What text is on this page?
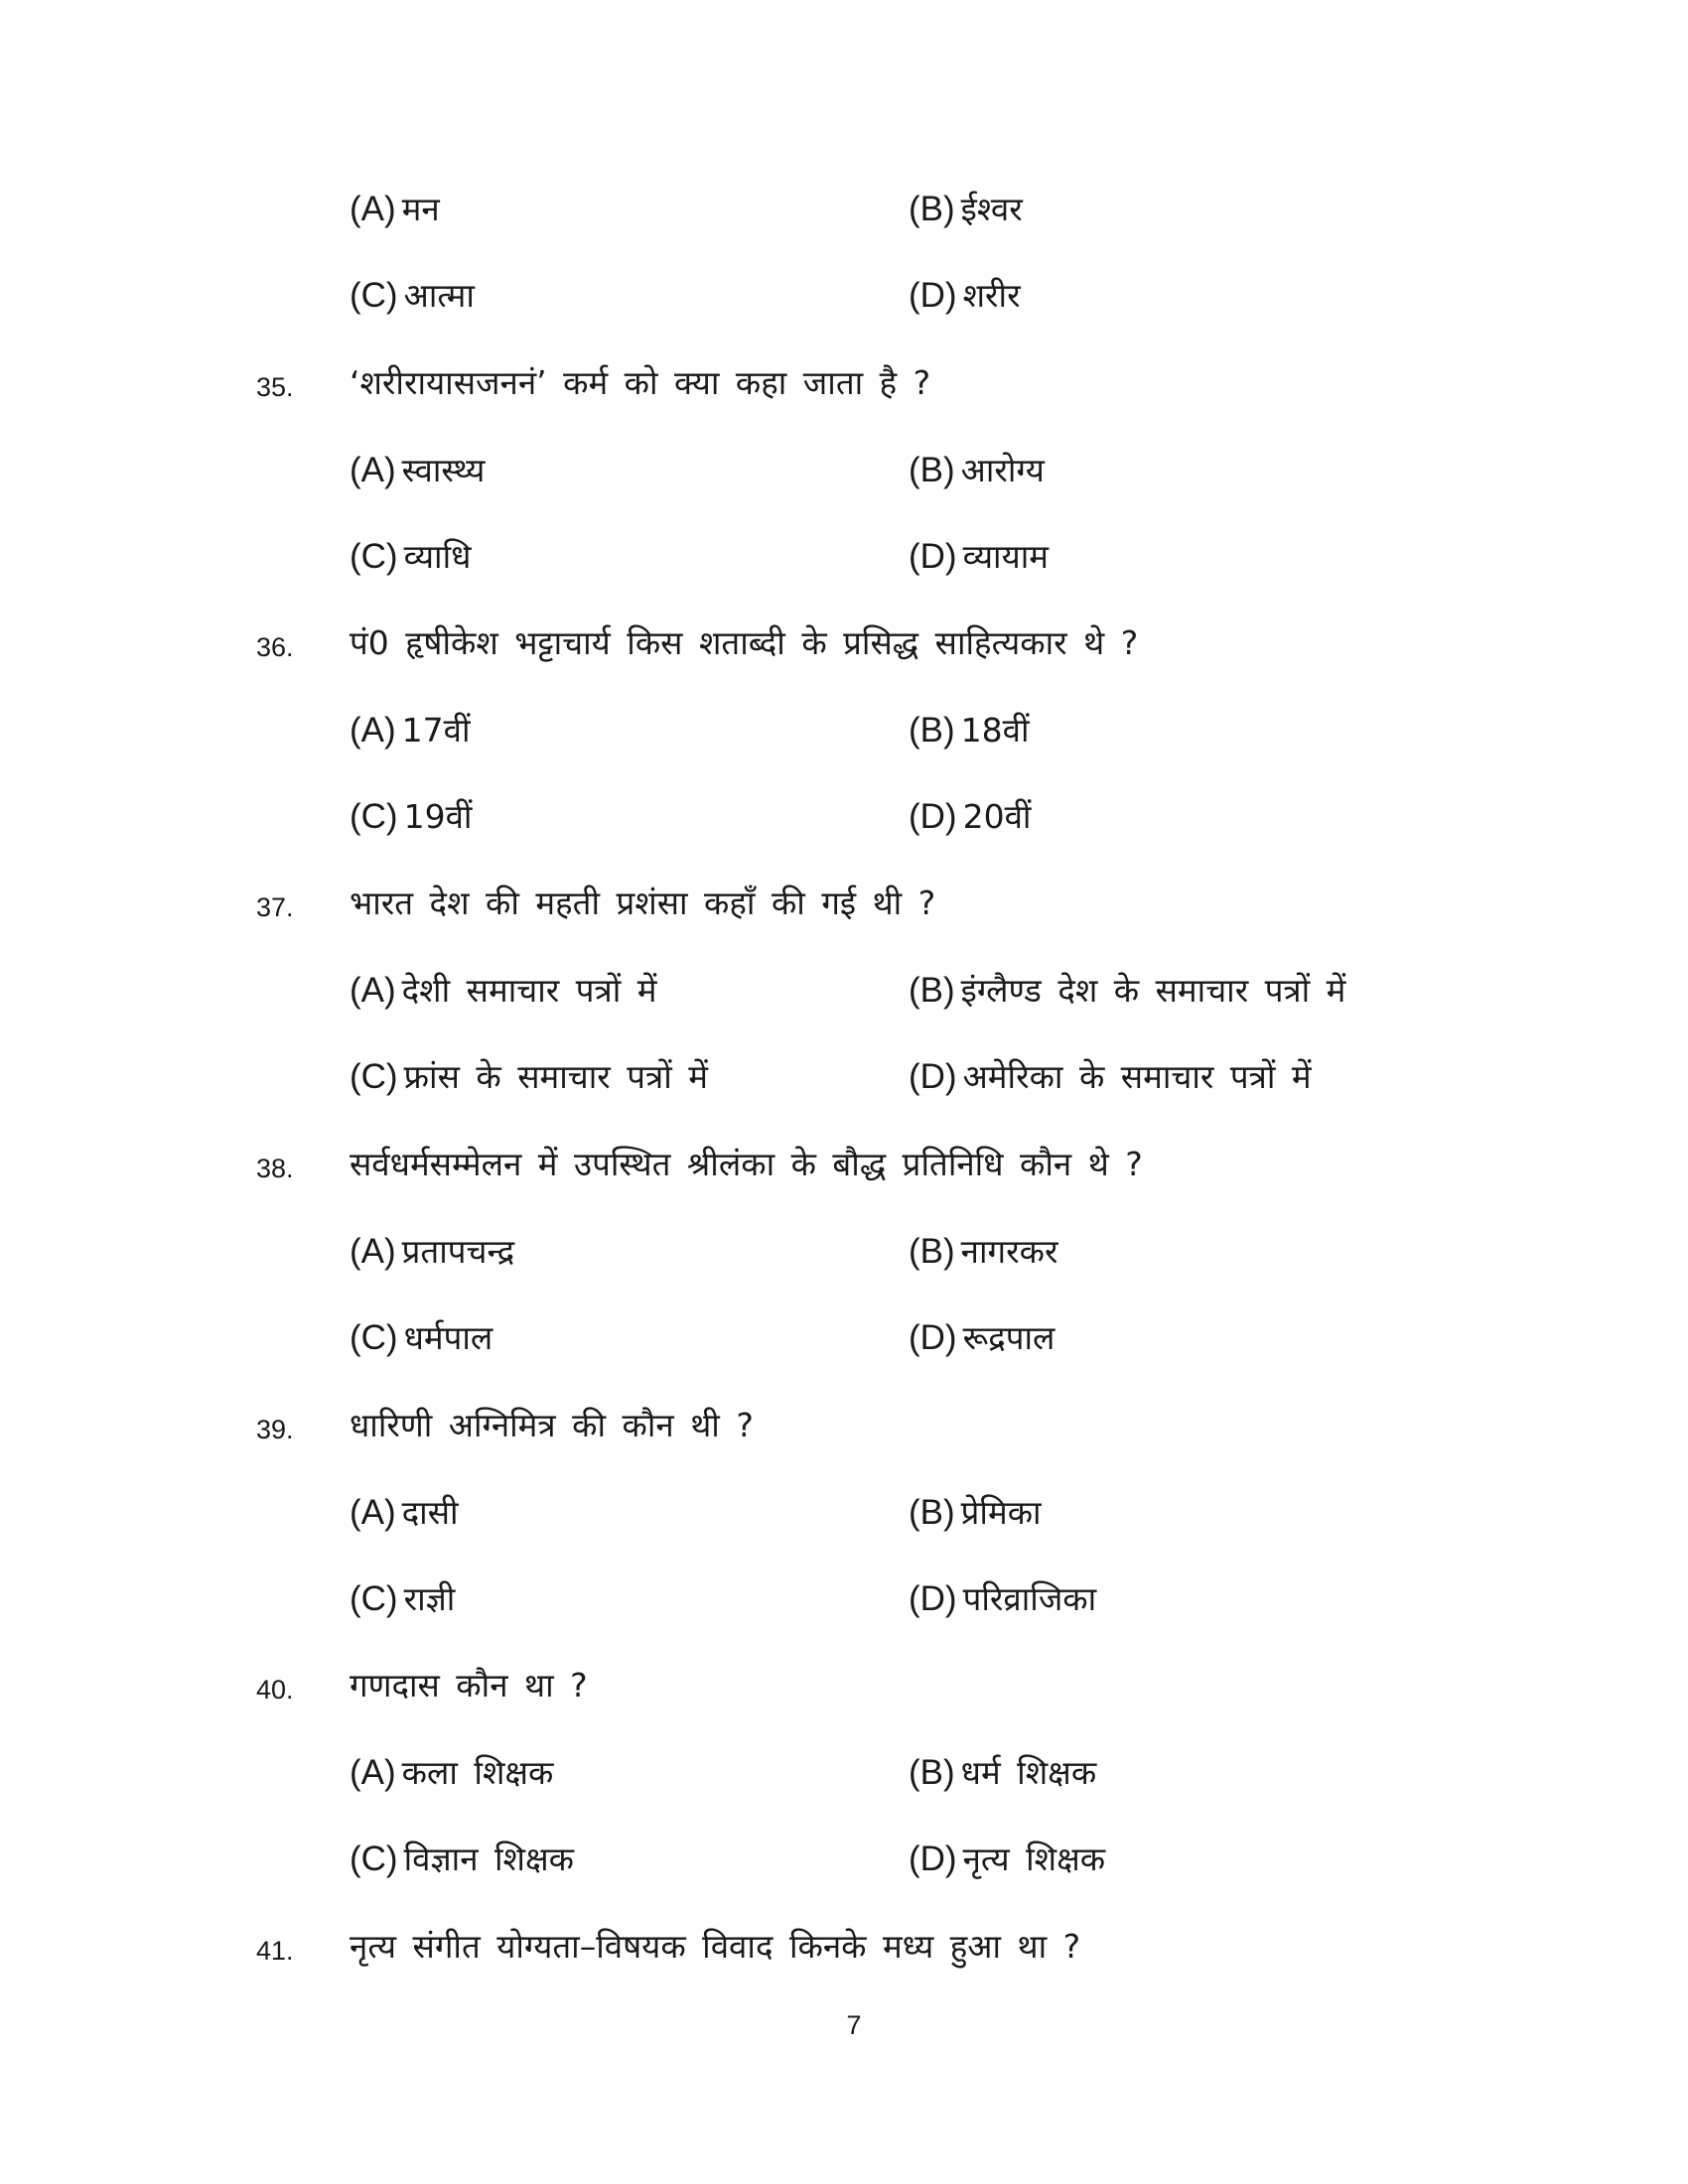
(A) मन	(B) ईश्वर
(C) आत्मा	(D) शरीर
35. ‘शरीरायासजननं’ कर्म को क्या कहा जाता है ?
(A) स्वास्थ्य	(B) आरोग्य
(C) व्याधि	(D) व्यायाम
36. पं0 हृषीकेश भट्टाचार्य किस शताब्दी के प्रसिद्ध साहित्यकार थे ?
(A) 17वीं	(B) 18वीं
(C) 19वीं	(D) 20वीं
37. भारत देश की महती प्रशंसा कहाँ की गई थी ?
(A) देशी समाचार पत्रों में	(B) इंग्लैण्ड देश के समाचार पत्रों में
(C) फ्रांस के समाचार पत्रों में	(D) अमेरिका के समाचार पत्रों में
38. सर्वधर्मसम्मेलन में उपस्थित श्रीलंका के बौद्ध प्रतिनिधि कौन थे ?
(A) प्रतापचन्द्र	(B) नागरकर
(C) धर्मपाल	(D) रूद्रपाल
39. धारिणी अग्निमित्र की कौन थी ?
(A) दासी	(B) प्रेमिका
(C) राज्ञी	(D) परिव्राजिका
40. गणदास कौन था ?
(A) कला शिक्षक	(B) धर्म शिक्षक
(C) विज्ञान शिक्षक	(D) नृत्य शिक्षक
41. नृत्य संगीत योग्यता–विषयक विवाद किनके मध्य हुआ था ?
7
